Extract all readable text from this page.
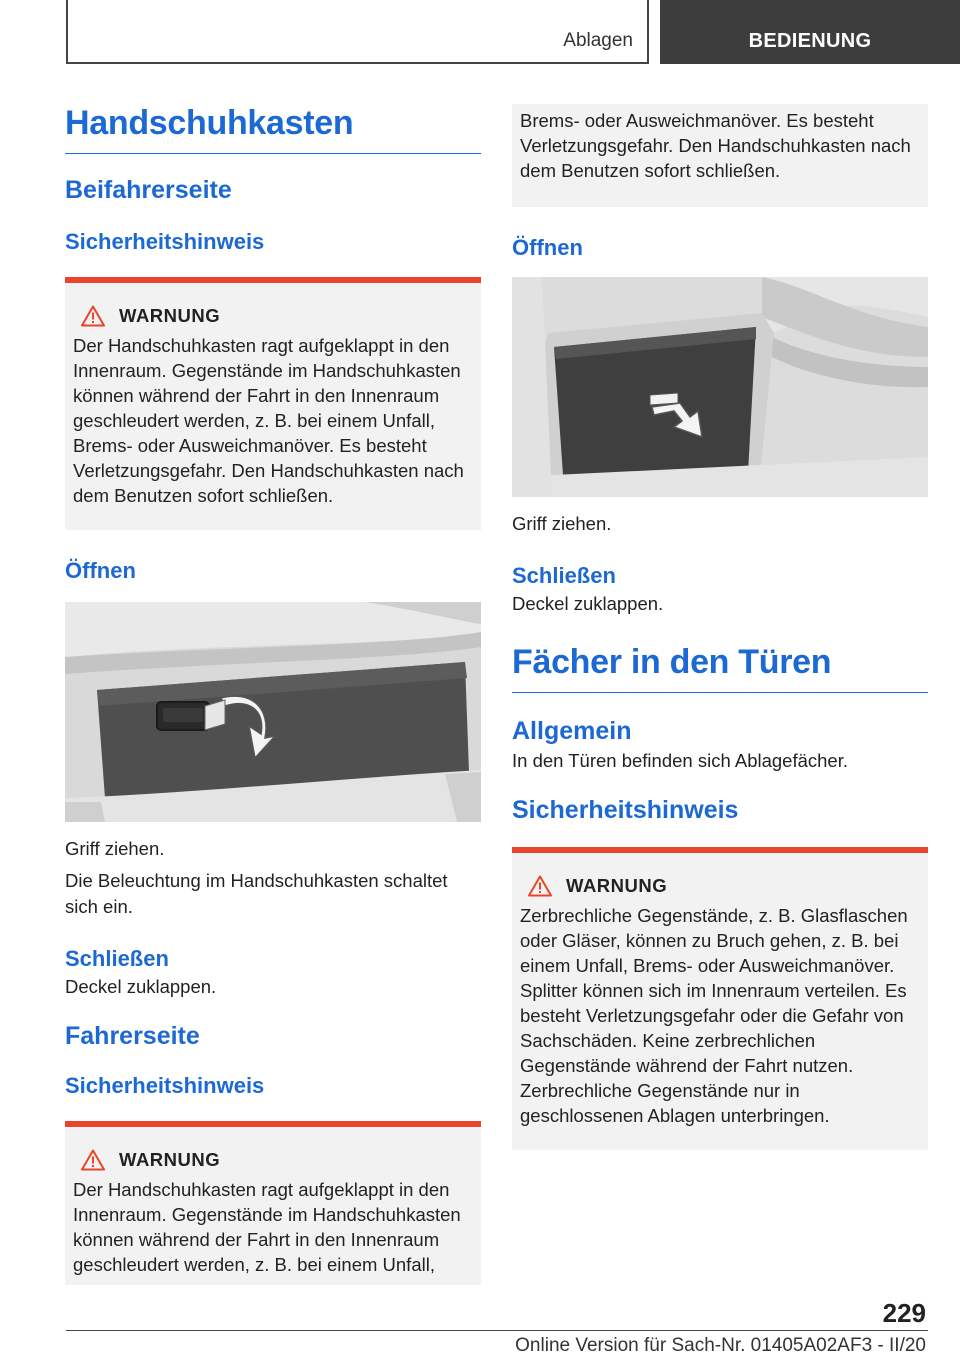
Ablagen	BEDIENUNG
Handschuhkasten
Beifahrerseite
Sicherheitshinweis
WARNUNG
Der Handschuhkasten ragt aufgeklappt in den Innenraum. Gegenstände im Handschuhkasten können während der Fahrt in den Innenraum geschleudert werden, z. B. bei einem Unfall, Brems- oder Ausweichmanöver. Es besteht Verletzungsgefahr. Den Handschuhkasten nach dem Benutzen sofort schließen.
Öffnen
Griff ziehen.
Die Beleuchtung im Handschuhkasten schaltet sich ein.
Schließen
Deckel zuklappen.
Fahrerseite
Sicherheitshinweis
WARNUNG
Der Handschuhkasten ragt aufgeklappt in den Innenraum. Gegenstände im Handschuhkasten können während der Fahrt in den Innenraum geschleudert werden, z. B. bei einem Unfall,
Brems- oder Ausweichmanöver. Es besteht Verletzungsgefahr. Den Handschuhkasten nach dem Benutzen sofort schließen.
Öffnen
Griff ziehen.
Schließen
Deckel zuklappen.
Fächer in den Türen
Allgemein
In den Türen befinden sich Ablagefächer.
Sicherheitshinweis
WARNUNG
Zerbrechliche Gegenstände, z. B. Glasflaschen oder Gläser, können zu Bruch gehen, z. B. bei einem Unfall, Brems- oder Ausweichmanöver. Splitter können sich im Innenraum verteilen. Es besteht Verletzungsgefahr oder die Gefahr von Sachschäden. Keine zerbrechlichen Gegenstände während der Fahrt nutzen. Zerbrechliche Gegenstände nur in geschlossenen Ablagen unterbringen.
229
Online Version für Sach-Nr. 01405A02AF3 - II/20
